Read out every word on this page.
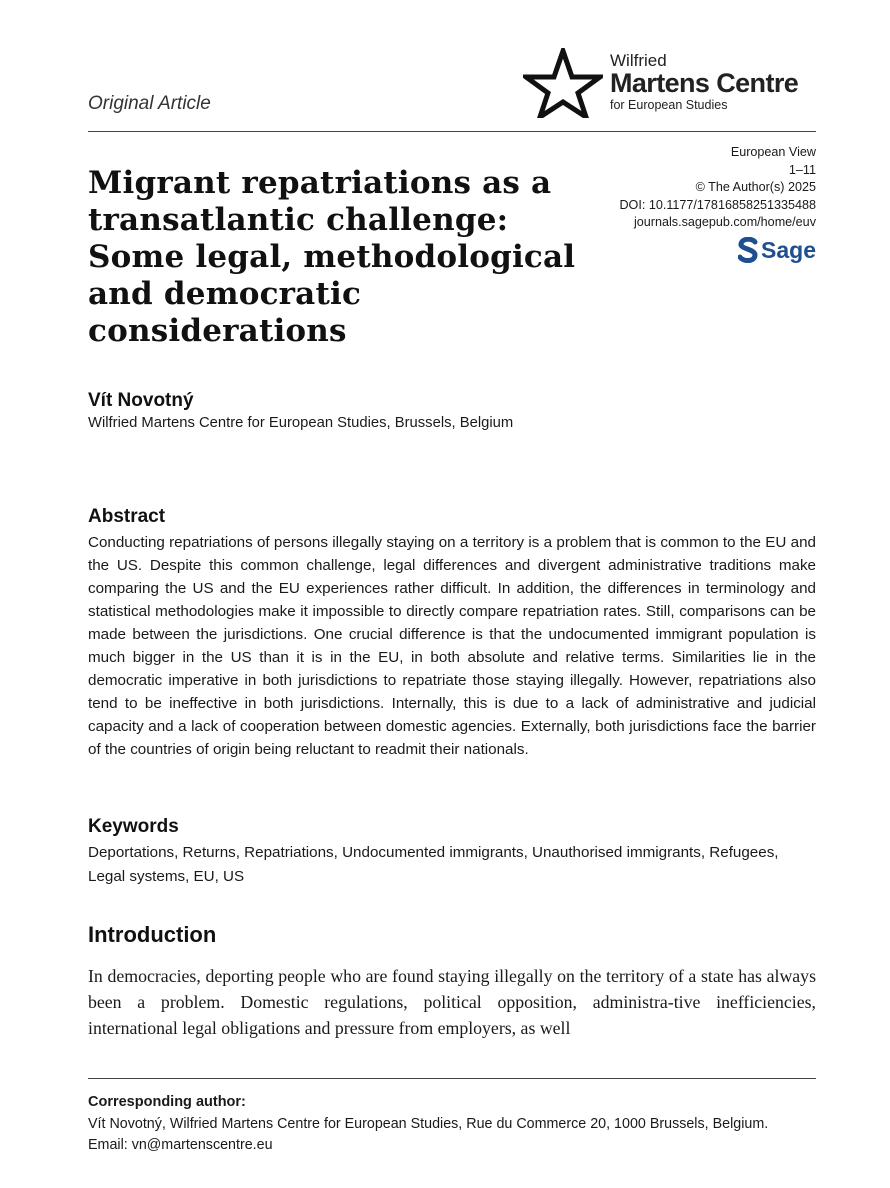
Wilfried
Martens Centre
for European Studies
Original Article
Migrant repatriations as a transatlantic challenge: Some legal, methodological and democratic considerations
European View
1–11
© The Author(s) 2025
DOI: 10.1177/17816858251335488
journals.sagepub.com/home/euv
Sage
Vít Novotný
Wilfried Martens Centre for European Studies, Brussels, Belgium
Abstract

Conducting repatriations of persons illegally staying on a territory is a problem that is common to the EU and the US. Despite this common challenge, legal differences and divergent administrative traditions make comparing the US and the EU experiences rather difficult. In addition, the differences in terminology and statistical methodologies make it impossible to directly compare repatriation rates. Still, comparisons can be made between the jurisdictions. One crucial difference is that the undocumented immigrant population is much bigger in the US than it is in the EU, in both absolute and relative terms. Similarities lie in the democratic imperative in both jurisdictions to repatriate those staying illegally. However, repatriations also tend to be ineffective in both jurisdictions. Internally, this is due to a lack of administrative and judicial capacity and a lack of cooperation between domestic agencies. Externally, both jurisdictions face the barrier of the countries of origin being reluctant to readmit their nationals.

Keywords

Deportations, Returns, Repatriations, Undocumented immigrants, Unauthorised immigrants, Refugees, Legal systems, EU, US

Introduction

In democracies, deporting people who are found staying illegally on the territory of a state has always been a problem. Domestic regulations, political opposition, administra-tive inefficiencies, international legal obligations and pressure from employers, as well

Corresponding author:
Vít Novotný, Wilfried Martens Centre for European Studies, Rue du Commerce 20, 1000 Brussels, Belgium.
Email: vn@martenscentre.eu
